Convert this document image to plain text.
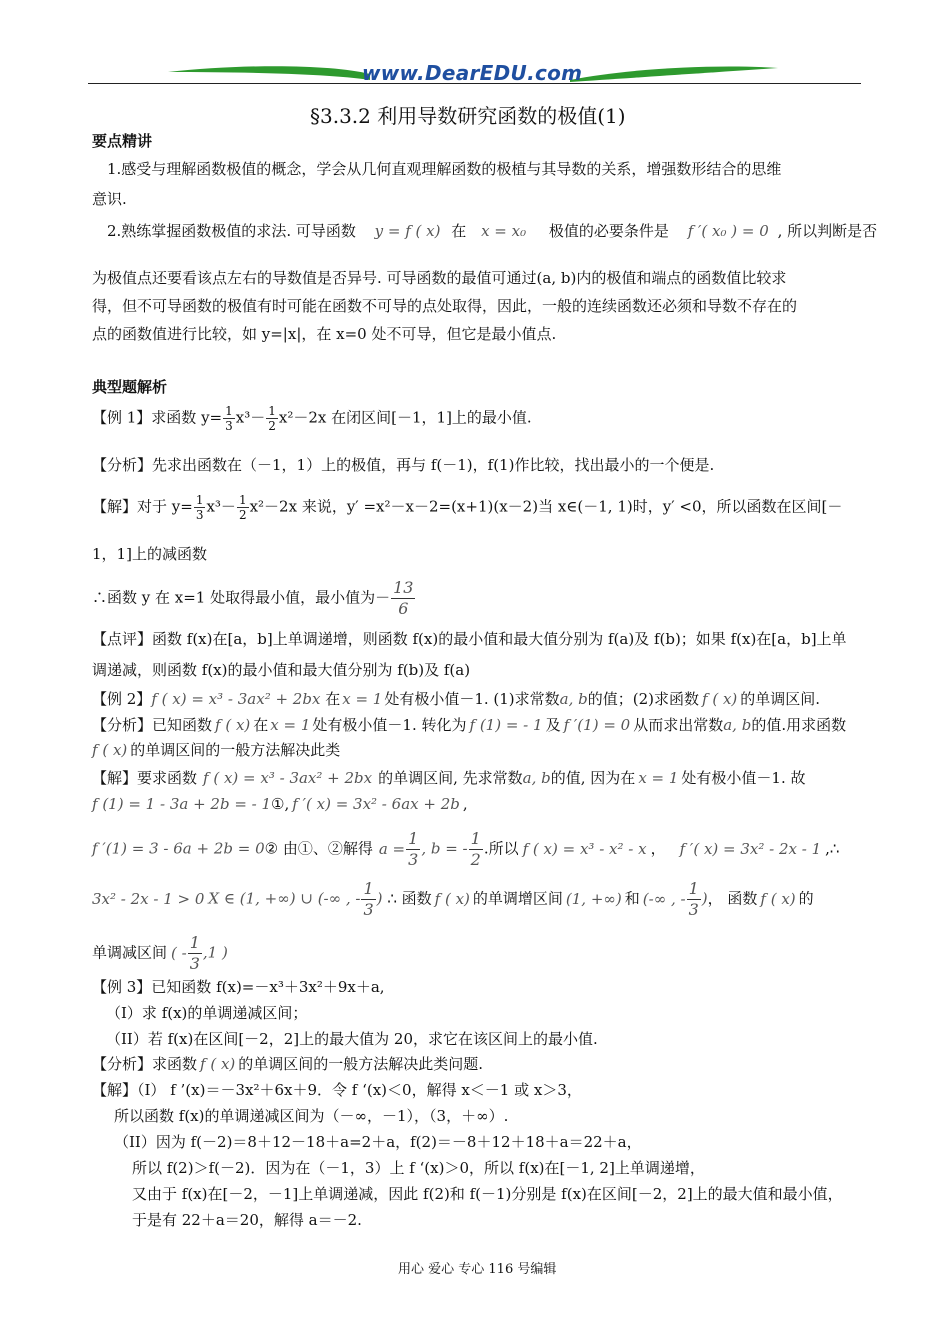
www.DearEDU.com
§3.3.2 利用导数研究函数的极值(1)
要点精讲
1.感受与理解函数极值的概念，学会从几何直观理解函数的极植与其导数的关系，增强数形结合的思维
意识.
2.熟练掌握函数极值的求法. 可导函数 y = f ( x) 在 x = x₀ 极值的必要条件是 f ′( x₀ ) = 0 , 所以判断是否
为极值点还要看该点左右的导数值是否异号. 可导函数的最值可通过(a, b)内的极值和端点的函数值比较求
得，但不可导函数的极值有时可能在函数不可导的点处取得，因此，一般的连续函数还必须和导数不存在的
点的函数值进行比较，如 y=|x|，在 x=0 处不可导，但它是最小值点.
典型题解析
【例 1】求函数 $y= \frac{1}{3} x^3- \frac{1}{2} x^2-2x$ 在闭区间[－1，1]上的最小值.
【分析】先求出函数在（－1，1）上的极值，再与 f(－1)，f(1)作比较，找出最小的一个便是.
【解】对于 $y= \frac{1}{3} x^3- \frac{1}{2} x^2-2x$ 来说，y′ =x²－x－2=(x+1)(x－2)当 x∈(－1, 1)时，y′ <0，所以函数在区间[－
1，1]上的减函数
∴函数 y 在 x=1 处取得最小值，最小值为－ $\frac{13}{6}$
【点评】函数 f(x)在[a，b]上单调递增，则函数 f(x)的最小值和最大值分别为 f(a)及 f(b)；如果 f(x)在[a，b]上单
调递减，则函数 f(x)的最小值和最大值分别为 f(b)及 f(a)
【例 2】f ( x) = x³ - 3ax² + 2bx 在 x = 1 处有极小值－1. (1)求常数a, b的值；(2)求函数 f ( x) 的单调区间.
【分析】已知函数 f ( x) 在 x = 1 处有极小值－1. 转化为 f (1) = - 1 及 f ′(1) = 0 从而求出常数a, b的值.用求函数
f ( x) 的单调区间的一般方法解决此类
【解】要求函数 f ( x) = x³ - 3ax² + 2bx 的单调区间, 先求常数a, b的值, 因为在 x = 1 处有极小值－1. 故
f (1) = 1 - 3a + 2b = - 1①, f ′( x) = 3x² - 6ax + 2b ,
f ′(1) = 3 - 6a + 2b = 0② 由①、②解得 $a = \frac{1}{3}$ , b = - $\frac{1}{2}$ .所以 f ( x) = x³ - x² - x ， f ′( x) = 3x² - 2x - 1 ,∴
3x² - 2x - 1 > 0 X ∈ (1, +∞) ∪ (-∞ , - $\frac{1}{3}$ ) ∴ 函数 f ( x) 的单调增区间 (1, +∞) 和 (-∞ , - $\frac{1}{3}$ )， 函数 f ( x) 的
单调减区间 ( - $\frac{1}{3} ,1$ )
【例 3】已知函数 f(x)=－x³＋3x²＋9x＋a,
（I）求 f(x)的单调递减区间；
（II）若 f(x)在区间[－2，2]上的最大值为 20，求它在该区间上的最小值.
【分析】求函数 f ( x) 的单调区间的一般方法解决此类问题.
【解】（I） f ’(x)＝－3x²＋6x＋9．令 f ‘(x)＜0，解得 x＜－1 或 x＞3，
所以函数 f(x)的单调递减区间为（－∞，－1），（3，＋∞）.
（II）因为 f(－2)＝8＋12－18＋a=2＋a，f(2)＝－8＋12＋18＋a＝22＋a，
所以 f(2)＞f(－2)．因为在（－1，3）上 f ‘(x)＞0，所以 f(x)在[－1, 2]上单调递增，
又由于 f(x)在[－2，－1]上单调递减，因此 f(2)和 f(－1)分别是 f(x)在区间[－2，2]上的最大值和最小值，
于是有 22＋a＝20，解得 a＝－2.
用心 爱心 专心 116 号编辑
